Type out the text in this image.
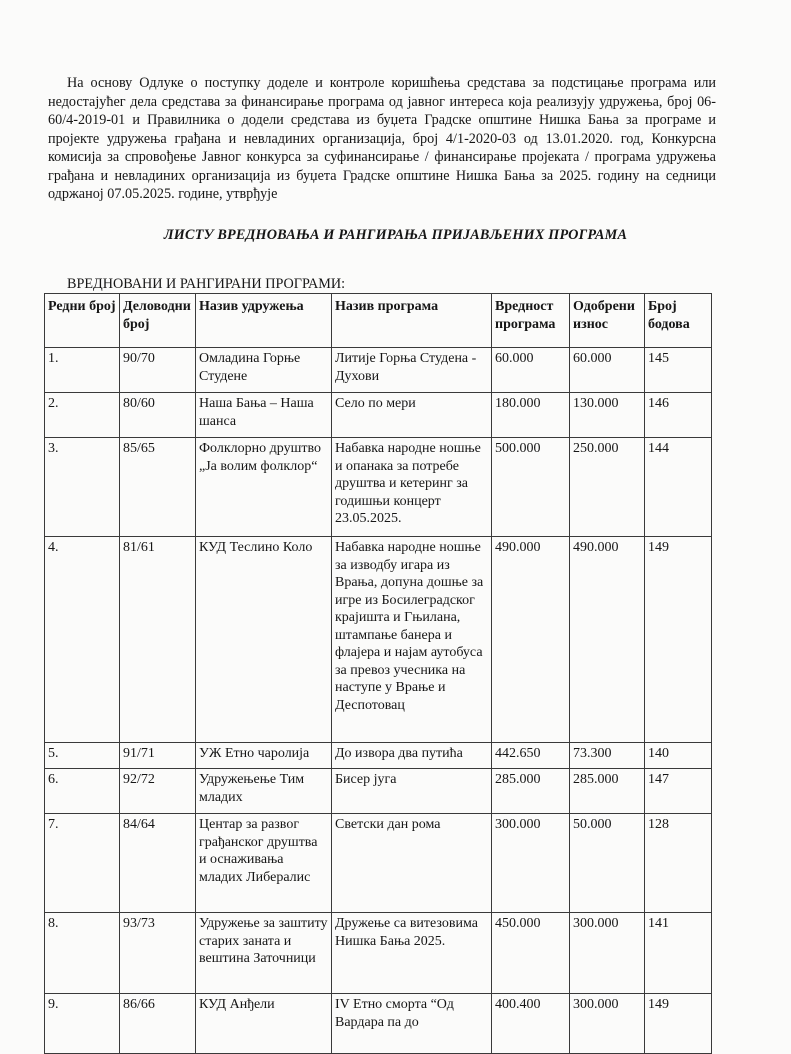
На основу Одлуке о поступку доделе и контроле коришћења средстава за подстицање програма или недостајућег дела средстава за финансирање програма од јавног интереса која реализују удружења, број 06-60/4-2019-01 и Правилника о додели средстава из буџета Градске општине Нишка Бања за програме и пројекте удружења грађана и невладиних организација, број 4/1-2020-03 од 13.01.2020. год, Конкурсна комисија за спровођење Јавног конкурса за суфинансирање / финансирање пројеката / програма удружења грађана и невладиних организација из буџета Градске општине Нишка Бања за 2025. годину на седници одржаној 07.05.2025. године, утврђује
ЛИСТУ ВРЕДНОВАЊА И РАНГИРАЊА ПРИЈАВЉЕНИХ ПРОГРАМА
ВРЕДНОВАНИ И РАНГИРАНИ ПРОГРАМИ:
Редни број	Деловодни број	Назив удружења	Назив програма	Вредност програма	Одобрени износ	Број бодова
1.	90/70	Омладина Горње Студене	Литије Горња Студена - Духови	60.000	60.000	145
2.	80/60	Наша Бања – Наша шанса	Село по мери	180.000	130.000	146
3.	85/65	Фолклорно друштво „Ја волим фолклор“	Набавка народне ношње и опанака за потребе друштва и кетеринг за годишњи концерт 23.05.2025.	500.000	250.000	144
4.	81/61	КУД Теслино Коло	Набавка народне ношње за изводбу игара из Врања, допуна дошње за игре из Босилеградског крајишта и Гњилана, штампање банера и флајера и најам аутобуса за превоз учесника на наступе у Врање и Деспотовац	490.000	490.000	149
5.	91/71	УЖ Етно чаролија	До извора два путића	442.650	73.300	140
6.	92/72	Удружењење Тим младих	Бисер југа	285.000	285.000	147
7.	84/64	Центар за развог грађанског друштва и оснаживања младих Либералис	Светски дан рома	300.000	50.000	128
8.	93/73	Удружење за заштиту старих заната и вештина Заточници	Дружење са витезовима Нишка Бања 2025.	450.000	300.000	141
9.	86/66	КУД Анђели	IV Етно сморта “Од Вардара па до	400.400	300.000	149
